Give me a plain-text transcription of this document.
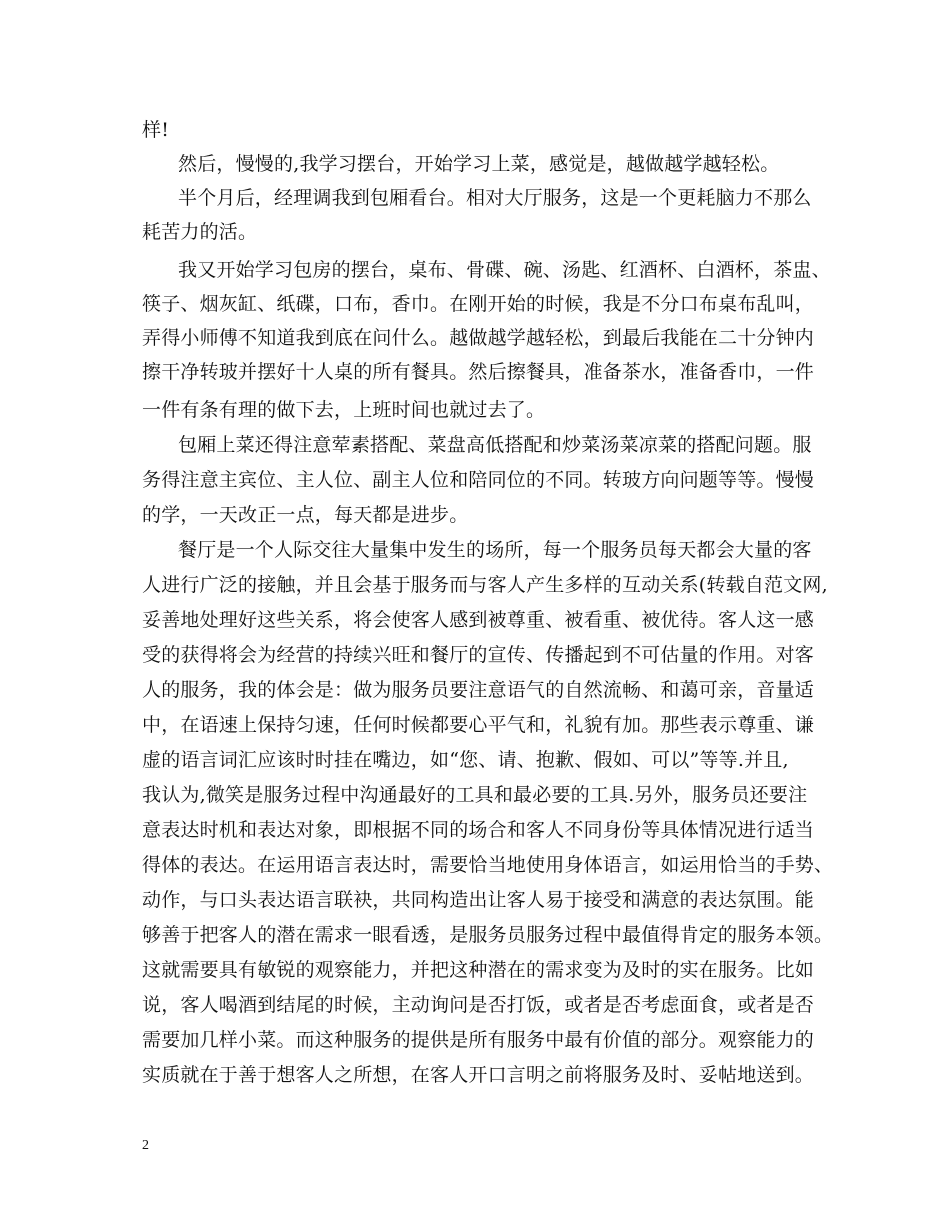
样!
然后，慢慢的,我学习摆台，开始学习上菜，感觉是，越做越学越轻松。
半个月后，经理调我到包厢看台。相对大厅服务，这是一个更耗脑力不那么
耗苦力的活。
我又开始学习包房的摆台，桌布、骨碟、碗、汤匙、红酒杯、白酒杯，茶盅、
筷子、烟灰缸、纸碟，口布，香巾。在刚开始的时候，我是不分口布桌布乱叫，
弄得小师傅不知道我到底在问什么。越做越学越轻松，到最后我能在二十分钟内
擦干净转玻并摆好十人桌的所有餐具。然后擦餐具，准备茶水，准备香巾，一件
一件有条有理的做下去，上班时间也就过去了。
包厢上菜还得注意荤素搭配、菜盘高低搭配和炒菜汤菜凉菜的搭配问题。服
务得注意主宾位、主人位、副主人位和陪同位的不同。转玻方向问题等等。慢慢
的学，一天改正一点，每天都是进步。
餐厅是一个人际交往大量集中发生的场所，每一个服务员每天都会大量的客
人进行广泛的接触，并且会基于服务而与客人产生多样的互动关系(转载自范文网,
妥善地处理好这些关系，将会使客人感到被尊重、被看重、被优待。客人这一感
受的获得将会为经营的持续兴旺和餐厅的宣传、传播起到不可估量的作用。对客
人的服务，我的体会是：做为服务员要注意语气的自然流畅、和蔼可亲，音量适
中，在语速上保持匀速，任何时候都要心平气和，礼貌有加。那些表示尊重、谦
虚的语言词汇应该时时挂在嘴边，如“您、请、抱歉、假如、可以”等等.并且,
我认为,微笑是服务过程中沟通最好的工具和最必要的工具.另外，服务员还要注
意表达时机和表达对象，即根据不同的场合和客人不同身份等具体情况进行适当
得体的表达。在运用语言表达时，需要恰当地使用身体语言，如运用恰当的手势、
动作，与口头表达语言联袂，共同构造出让客人易于接受和满意的表达氛围。能
够善于把客人的潜在需求一眼看透，是服务员服务过程中最值得肯定的服务本领。
这就需要具有敏锐的观察能力，并把这种潜在的需求变为及时的实在服务。比如
说，客人喝酒到结尾的时候，主动询问是否打饭，或者是否考虑面食，或者是否
需要加几样小菜。而这种服务的提供是所有服务中最有价值的部分。观察能力的
实质就在于善于想客人之所想，在客人开口言明之前将服务及时、妥帖地送到。
2
